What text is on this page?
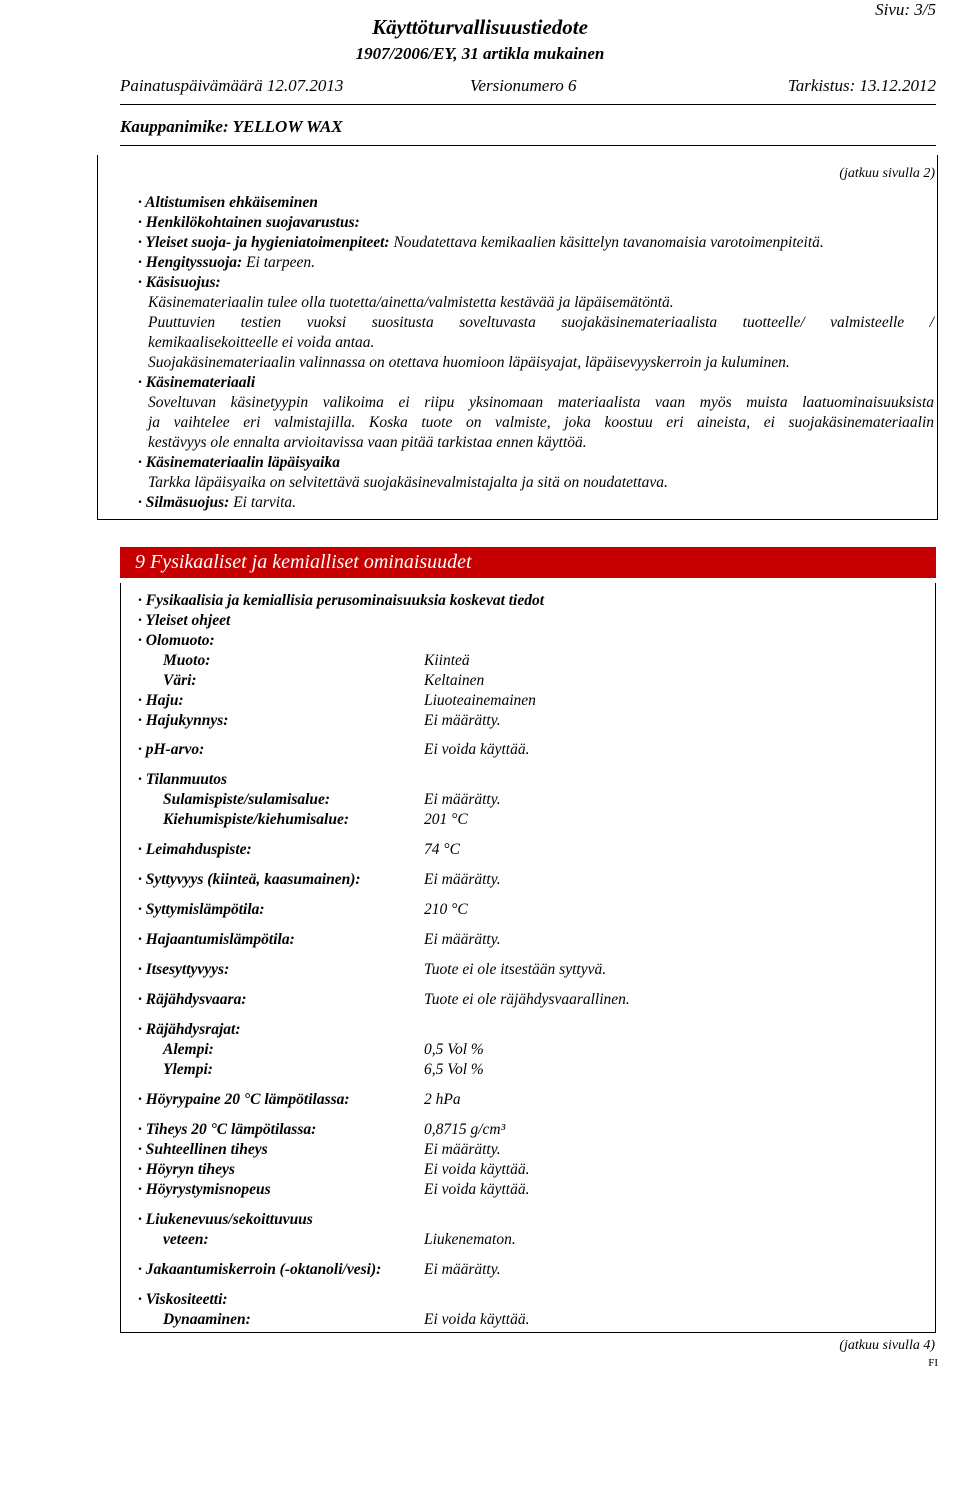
Sivu: 3/5
Käyttöturvallisuustiedote
1907/2006/EY, 31 artikla mukainen
Painatuspäivämäärä 12.07.2013	Versionumero 6	Tarkistus: 13.12.2012
Kauppanimike: YELLOW WAX
(jatkuu sivulla 2)
· Altistumisen ehkäiseminen
· Henkilökohtainen suojavarustus:
· Yleiset suoja- ja hygieniatoimenpiteet: Noudatettava kemikaalien käsittelyn tavanomaisia varotoimenpiteitä.
· Hengityssuoja: Ei tarpeen.
· Käsisuojus:
Käsinemateriaalin tulee olla tuotetta/ainetta/valmistetta kestävää ja läpäisemätöntä.
Puuttuvien testien vuoksi suositusta soveltuvasta suojakäsinemateriaalista tuotteelle/ valmisteelle /
kemikaalisekoitteelle ei voida antaa.
Suojakäsinemateriaalin valinnassa on otettava huomioon läpäisyajat, läpäisevyyskerroin ja kuluminen.
· Käsinemateriaali
Soveltuvan käsinetyypin valikoima ei riipu yksinomaan materiaalista vaan myös muista laatuominaisuuksista
ja vaihtelee eri valmistajilla. Koska tuote on valmiste, joka koostuu eri aineista, ei suojakäsinemateriaalin
kestävyys ole ennalta arvioitavissa vaan pitää tarkistaa ennen käyttöä.
· Käsinemateriaalin läpäisyaika
Tarkka läpäisyaika on selvitettävä suojakäsinevalmistajalta ja sitä on noudatettava.
· Silmäsuojus: Ei tarvita.
9 Fysikaaliset ja kemialliset ominaisuudet
· Fysikaalisia ja kemiallisia perusominaisuuksia koskevat tiedot
· Yleiset ohjeet
· Olomuoto:
Muoto:	Kiinteä
Väri:	Keltainen
· Haju:	Liuoteainemainen
· Hajukynnys:	Ei määrätty.
· pH-arvo:	Ei voida käyttää.
· Tilanmuutos
Sulamispiste/sulamisalue:	Ei määrätty.
Kiehumispiste/kiehumisalue:	201 °C
· Leimahduspiste:	74 °C
· Syttyvyys (kiinteä, kaasumainen):	Ei määrätty.
· Syttymislämpötila:	210 °C
· Hajaantumislämpötila:	Ei määrätty.
· Itsesyttyvyys:	Tuote ei ole itsestään syttyvä.
· Räjähdysvaara:	Tuote ei ole räjähdysvaarallinen.
· Räjähdysrajat:
Alempi:	0,5 Vol %
Ylempi:	6,5 Vol %
· Höyrypaine 20 °C lämpötilassa:	2 hPa
· Tiheys 20 °C lämpötilassa:	0,8715 g/cm³
· Suhteellinen tiheys	Ei määrätty.
· Höyryn tiheys	Ei voida käyttää.
· Höyrystymisnopeus	Ei voida käyttää.
· Liukenevuus/sekoittuvuus
veteen:	Liukenematon.
· Jakaantumiskerroin (-oktanoli/vesi):	Ei määrätty.
· Viskositeetti:
Dynaaminen:	Ei voida käyttää.
(jatkuu sivulla 4)
FI
